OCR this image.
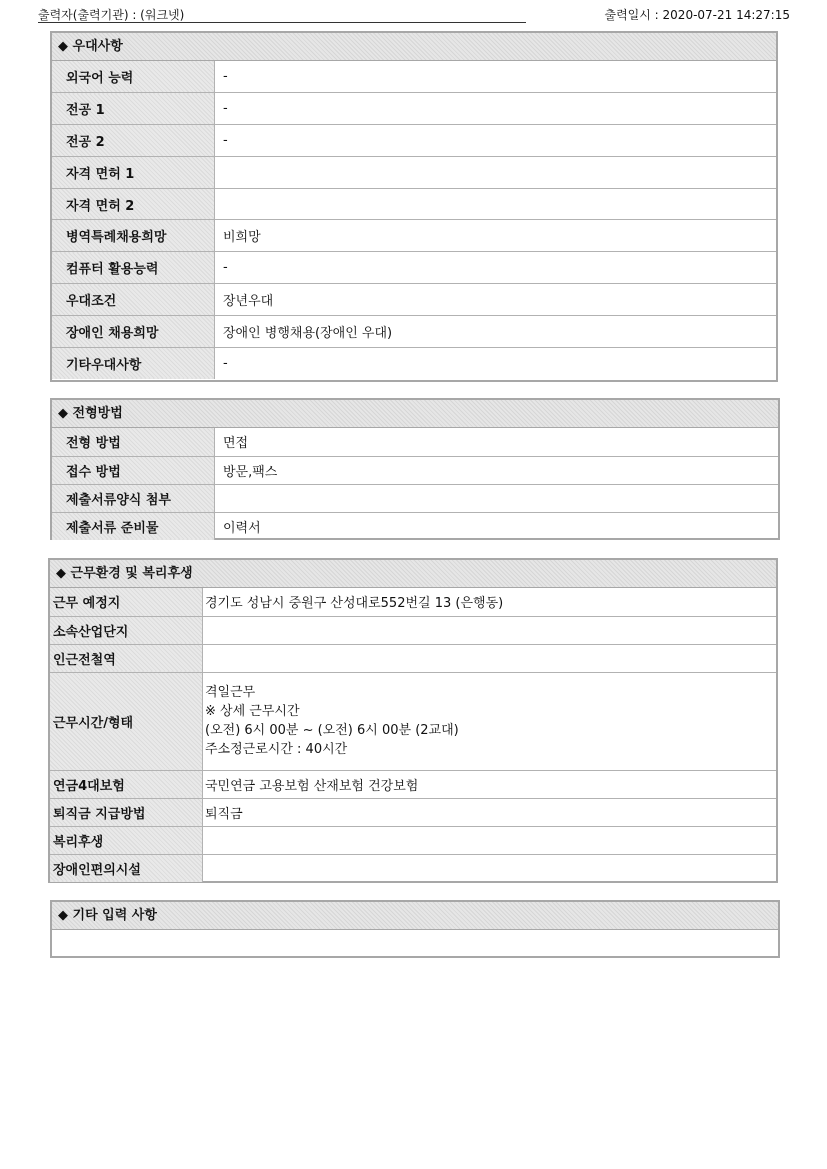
출력자(출력기관) : (워크넷)	출력일시 : 2020-07-21 14:27:15
◆ 우대사항
외국어 능력	-
전공 1	-
전공 2	-
자격 면허 1	
자격 면허 2	
병역특례채용희망	비희망
컴퓨터 활용능력	-
우대조건	장년우대
장애인 채용희망	장애인 병행채용(장애인 우대)
기타우대사항	-
◆ 전형방법
전형 방법	면접
접수 방법	방문,팩스
제출서류양식 첨부	
제출서류 준비물	이력서
◆ 근무환경 및 복리후생
근무 예정지	경기도 성남시 중원구 산성대로552번길 13 (은행동)
소속산업단지	
인근전철역	
근무시간/형태	격일근무
※ 상세 근무시간
(오전) 6시 00분 ~ (오전) 6시 00분 (2교대)
주소정근로시간 : 40시간

연금4대보험	국민연금 고용보험 산재보험 건강보험
퇴직금 지급방법	퇴직금
복리후생	
장애인편의시설	
◆ 기타 입력 사항
